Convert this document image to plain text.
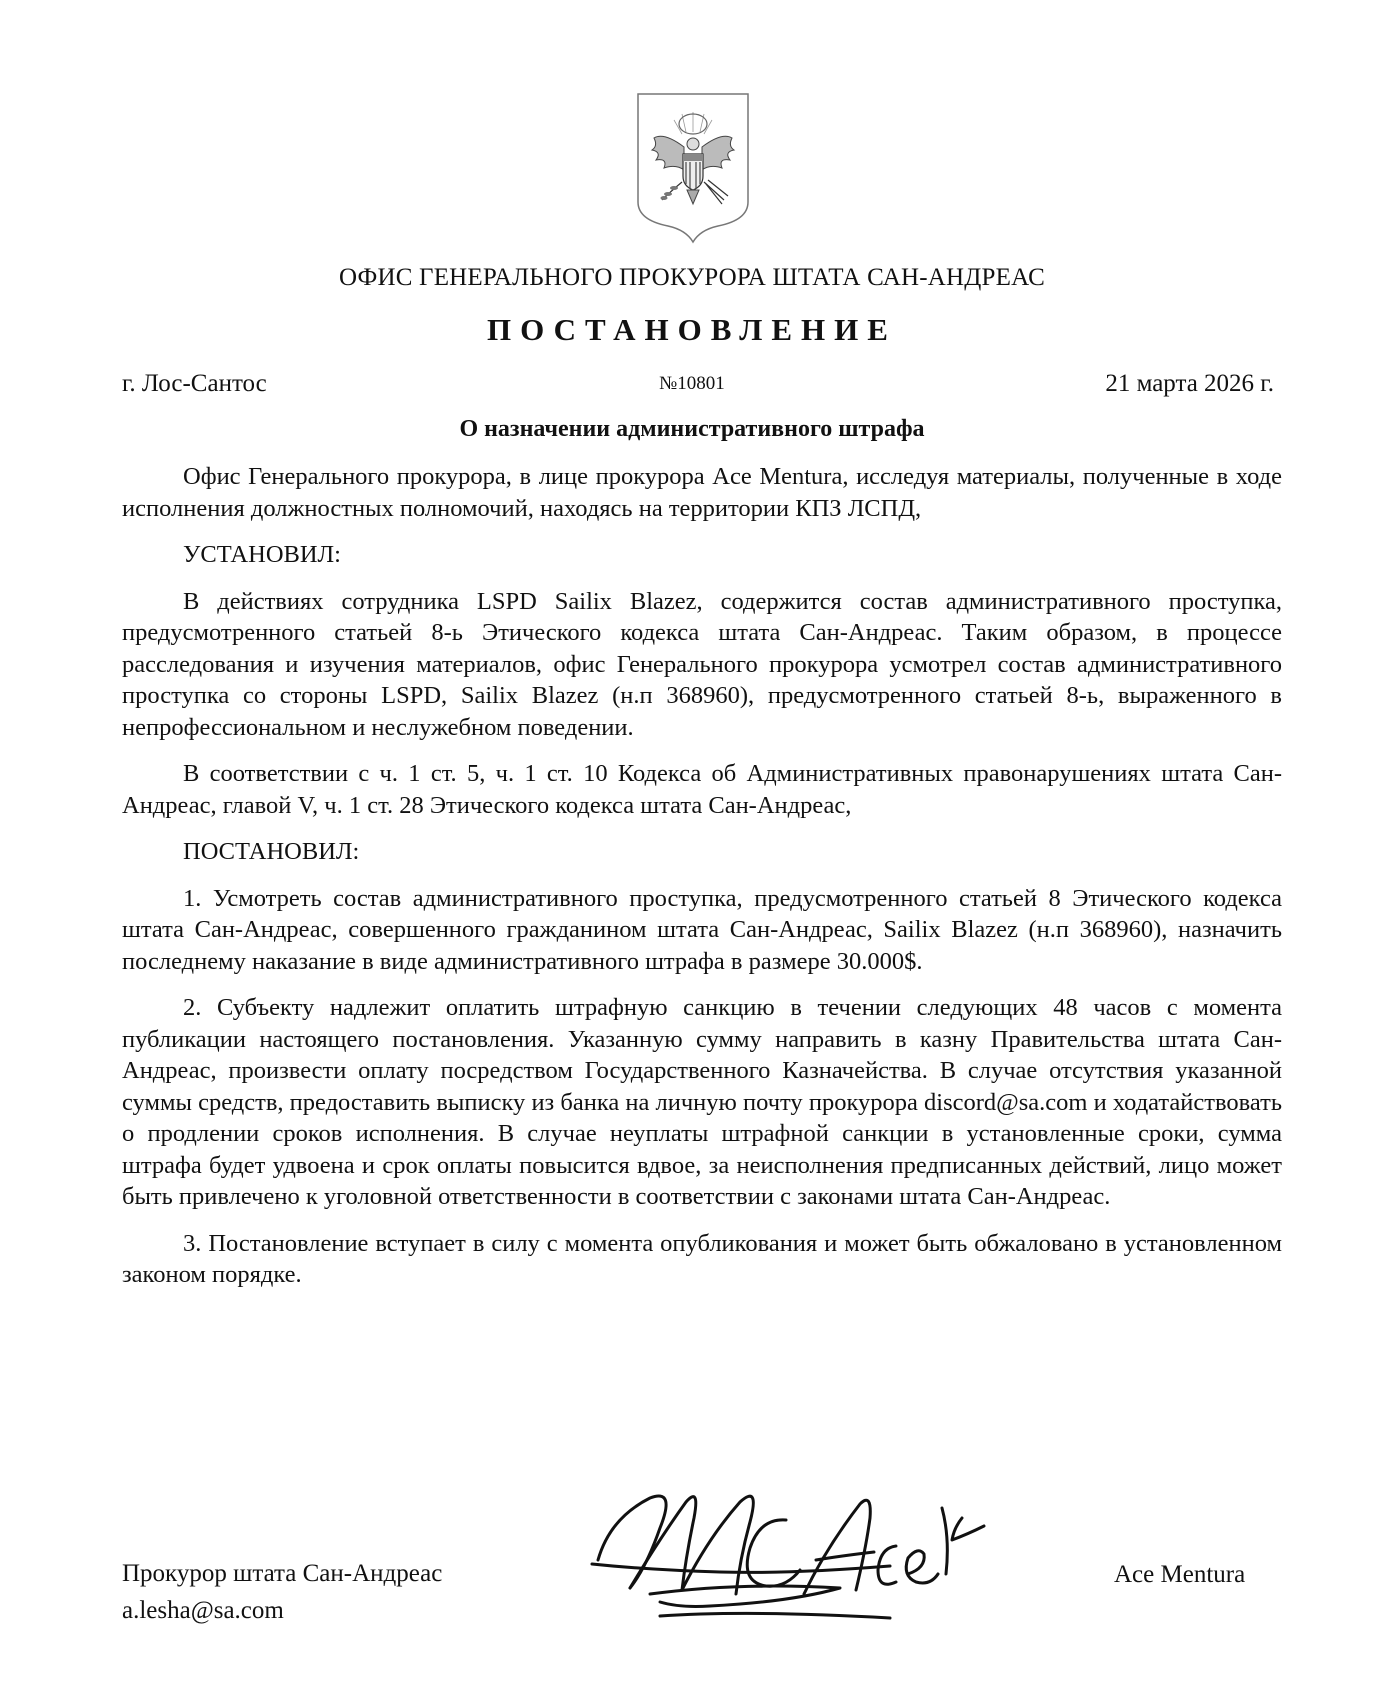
ОФИС ГЕНЕРАЛЬНОГО ПРОКУРОРА ШТАТА САН-АНДРЕАС
ПОСТАНОВЛЕНИЕ
г. Лос-Сантос	№10801	21 марта 2026 г.
О назначении административного штрафа

Офис Генерального прокурора, в лице прокурора Ace Mentura, исследуя материалы, полученные в ходе исполнения должностных полномочий, находясь на территории КПЗ ЛСПД,

УСТАНОВИЛ:

В действиях сотрудника LSPD Sailix Blazez, содержится состав административного проступка, предусмотренного статьей 8-ь Этического кодекса штата Сан-Андреас. Таким образом, в процессе расследования и изучения материалов, офис Генерального прокурора усмотрел состав административного проступка со стороны LSPD, Sailix Blazez (н.п 368960), предусмотренного статьей 8-ь, выраженного в непрофессиональном и неслужебном поведении.

В соответствии с ч. 1 ст. 5, ч. 1 ст. 10 Кодекса об Административных правонарушениях штата Сан-Андреас, главой V, ч. 1 ст. 28 Этического кодекса штата Сан-Андреас,

ПОСТАНОВИЛ:

1. Усмотреть состав административного проступка, предусмотренного статьей 8 Этического кодекса штата Сан-Андреас, совершенного гражданином штата Сан-Андреас, Sailix Blazez (н.п 368960), назначить последнему наказание в виде административного штрафа в размере 30.000$.

2. Субъекту надлежит оплатить штрафную санкцию в течении следующих 48 часов с момента публикации настоящего постановления. Указанную сумму направить в казну Правительства штата Сан-Андреас, произвести оплату посредством Государственного Казначейства. В случае отсутствия указанной суммы средств, предоставить выписку из банка на личную почту прокурора discord@sa.com и ходатайствовать о продлении сроков исполнения. В случае неуплаты штрафной санкции в установленные сроки, сумма штрафа будет удвоена и срок оплаты повысится вдвое, за неисполнения предписанных действий, лицо может быть привлечено к уголовной ответственности в соответствии с законами штата Сан-Андреас.

3. Постановление вступает в силу с момента опубликования и может быть обжаловано в установленном законом порядке.

Прокурор штата Сан-Андреас
a.lesha@sa.com
Ace Mentura
